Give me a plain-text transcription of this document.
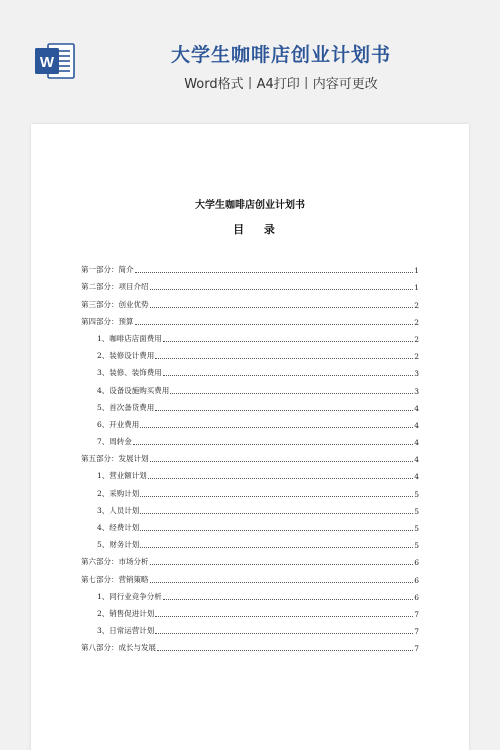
W	大学生咖啡店创业计划书
Word格式丨A4打印丨内容可更改
大学生咖啡店创业计划书
目 录
第一部分：简介	1
第二部分：项目介绍	1
第三部分：创业优势	2
第四部分：预算	2
1、咖啡店店面费用	2
2、装修设计费用	2
3、装修、装饰费用	3
4、设备设施购买费用	3
5、首次备货费用	4
6、开业费用	4
7、周转金	4
第五部分：发展计划	4
1、营业额计划	4
2、采购计划	5
3、人员计划	5
4、经费计划	5
5、财务计划	5
第六部分：市场分析	6
第七部分：营销策略	6
1、同行业竞争分析	6
2、销售促进计划	7
3、日常运营计划	7
第八部分：成长与发展	7
